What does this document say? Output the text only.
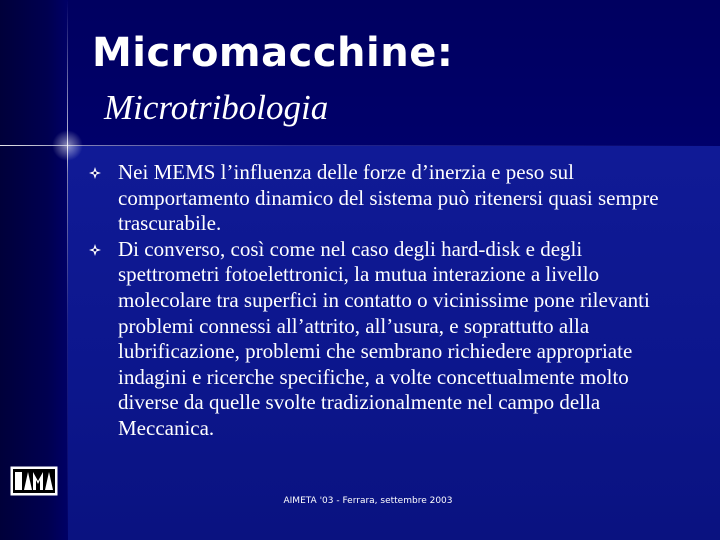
Micromacchine:
Microtribologia
Nei MEMS l’influenza delle forze d’inerzia e peso sul comportamento dinamico del sistema può ritenersi quasi sempre trascurabile.
Di converso, così come nel caso degli hard-disk e degli spettrometri fotoelettronici, la mutua interazione a livello molecolare tra superfici in contatto o vicinissime pone rilevanti problemi connessi all’attrito, all’usura, e soprattutto alla lubrificazione, problemi che sembrano richiedere appropriate indagini e ricerche specifiche, a volte concettualmente molto diverse da quelle svolte tradizionalmente nel campo della Meccanica.
AIMETA '03 - Ferrara, settembre 2003
